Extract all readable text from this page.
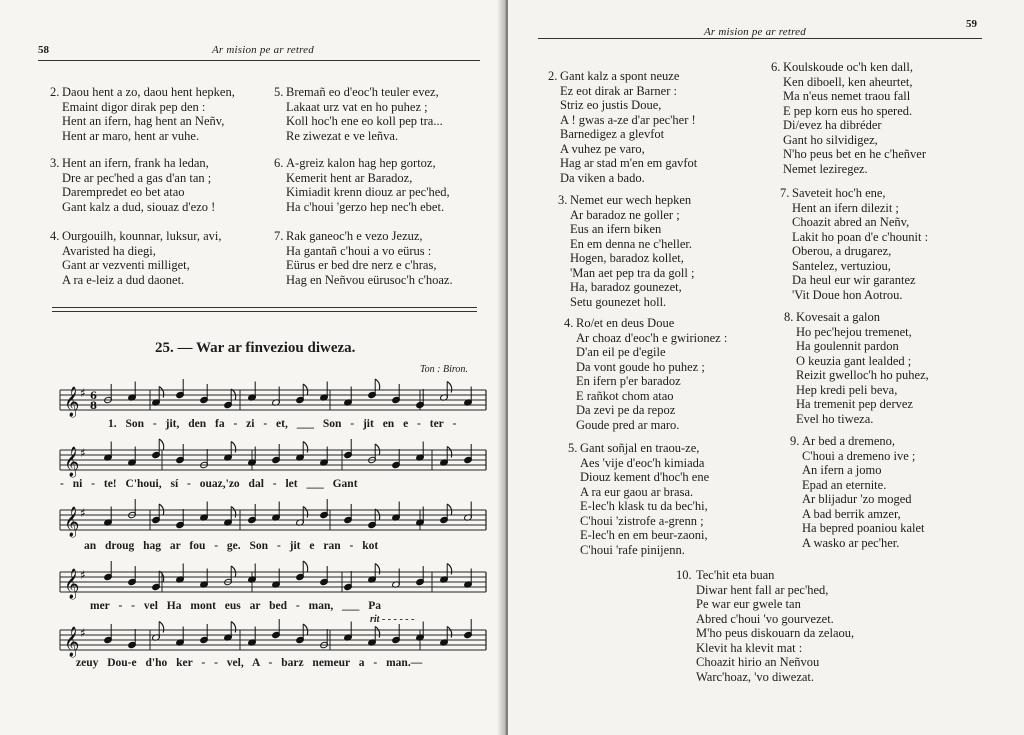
58	Ar mision pe ar retred
2. Daou hent a zo, daou hent hepken,
Emaint digor dirak pep den :
Hent an ifern, hag hent an Neñv,
Hent ar maro, hent ar vuhe.
5. Bremañ eo d'eoc'h teuler evez,
Lakaat urz vat en ho puhez ;
Koll hoc'h ene eo koll pep tra...
Re ziwezat e ve leñva.
3. Hent an ifern, frank ha ledan,
Dre ar pec'hed a gas d'an tan ;
Darempredet eo bet atao
Gant kalz a dud, siouaz d'ezo !
6. A-greiz kalon hag hep gortoz,
Kemerit hent ar Baradoz,
Kimiadit krenn diouz ar pec'hed,
Ha c'houi 'gerzo hep nec'h ebet.
4. Ourgouilh, kounnar, luksur, avi,
Avaristed ha diegi,
Gant ar vezventi milliget,
A ra e-leiz a dud daonet.
7. Rak ganeoc'h e vezo Jezuz,
Ha gantañ c'houi a vo eürus :
Eürus er bed dre nerz e c'hras,
Hag en Neñvou eürusoc'h c'hoaz.
25. — War ar finveziou diweza.
Ton : Biron.
𝄞 ♯ 6
8
𝄞 ♯
𝄞 ♯
𝄞 ♯
𝄞 ♯
1. Son - jit, den fa - zi - et, ___ Son - jit en e - ter -
- ni - te! C'houi, sí - ouaz,'zo dal - let ___ Gant
an droug hag ar fou - ge. Son - jit e ran - kot
mer - - vel Ha mont eus ar bed - man, ___ Pa
rit - - - - - -
zeuy Dou-e d'ho ker - - vel, A - barz nemeur a - man.—
Ar mision pe ar retred
59
2. Gant kalz a spont neuze
Ez eot dirak ar Barner :
Striz eo justis Doue,
A ! gwas a-ze d'ar pec'her !
Barnedigez a glevfot
A vuhez pe varo,
Hag ar stad m'en em gavfot
Da viken a bado.
6. Koulskoude oc'h ken dall,
Ken diboell, ken aheurtet,
Ma n'eus nemet traou fall
E pep korn eus ho spered.
Di/evez ha dibréder
Gant ho silvidigez,
N'ho peus bet en he c'heñver
Nemet leziregez.
3. Nemet eur wech hepken
Ar baradoz ne goller ;
Eus an ifern biken
En em denna ne c'heller.
Hogen, baradoz kollet,
'Man aet pep tra da goll ;
Ha, baradoz gounezet,
Setu gounezet holl.
7. Saveteit hoc'h ene,
Hent an ifern dilezit ;
Choazit abred an Neñv,
Lakit ho poan d'e c'hounit :
Oberou, a drugarez,
Santelez, vertuziou,
Da heul eur wir garantez
'Vit Doue hon Aotrou.
4. Ro/et en deus Doue
Ar choaz d'eoc'h e gwirionez :
D'an eil pe d'egile
Da vont goude ho puhez ;
En ifern p'er baradoz
E rañkot chom atao
Da zevi pe da repoz
Goude pred ar maro.
8. Kovesait a galon
Ho pec'hejou tremenet,
Ha goulennit pardon
O keuzia gant lealded ;
Reizit gwelloc'h ho puhez,
Hep kredi peli beva,
Ha tremenit pep dervez
Evel ho tiweza.
5. Gant soñjal en traou-ze,
Aes 'vije d'eoc'h kimiada
Diouz kement d'hoc'h ene
A ra eur gaou ar brasa.
E-lec'h klask tu da bec'hi,
C'houi 'zistrofe a-grenn ;
E-lec'h en em beur-zaoni,
C'houi 'rafe pinijenn.
9. Ar bed a dremeno,
C'houi a dremeno ive ;
An ifern a jomo
Epad an eternite.
Ar blijadur 'zo moged
A bad berrik amzer,
Ha bepred poaniou kalet
A wasko ar pec'her.
10. Tec'hit eta buan
Diwar hent fall ar pec'hed,
Pe war eur gwele tan
Abred c'houi 'vo gourvezet.
M'ho peus diskouarn da zelaou,
Klevit ha klevit mat :
Choazit hirio an Neñvou
Warc'hoaz, 'vo diwezat.
